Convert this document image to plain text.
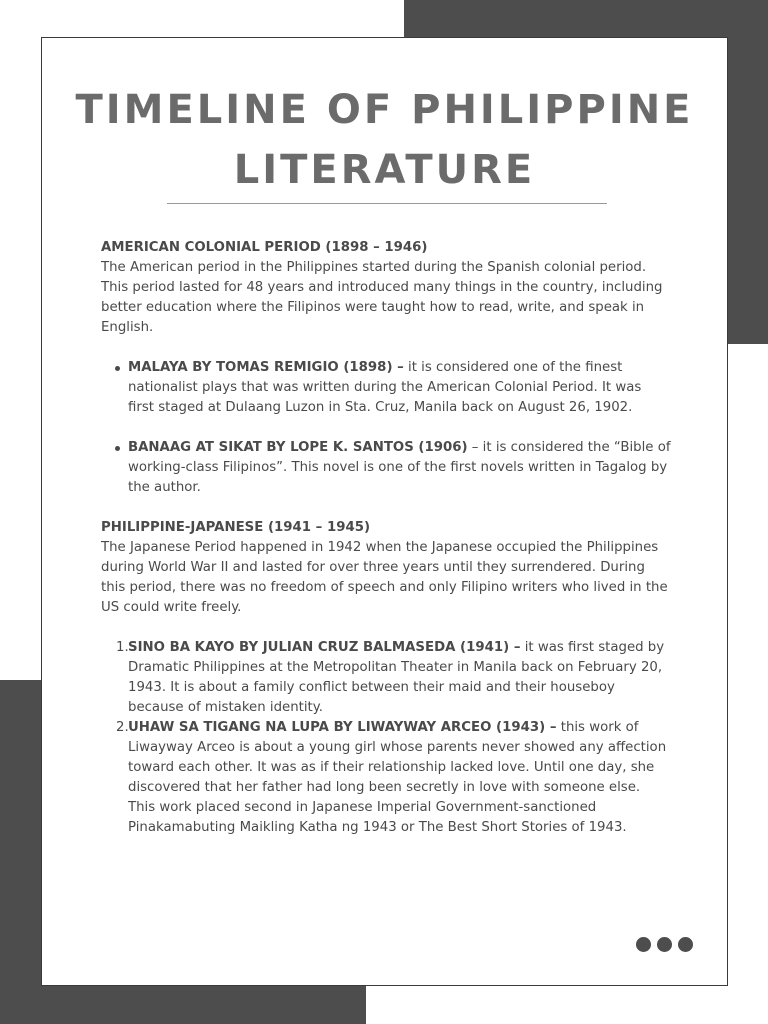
TIMELINE OF PHILIPPINE
LITERATURE

AMERICAN COLONIAL PERIOD (1898 – 1946)

The American period in the Philippines started during the Spanish colonial period. This period lasted for 48 years and introduced many things in the country, including better education where the Filipinos were taught how to read, write, and speak in English.

MALAYA BY TOMAS REMIGIO (1898) – it is considered one of the finest nationalist plays that was written during the American Colonial Period. It was first staged at Dulaang Luzon in Sta. Cruz, Manila back on August 26, 1902.
BANAAG AT SIKAT BY LOPE K. SANTOS (1906) – it is considered the “Bible of working-class Filipinos”. This novel is one of the first novels written in Tagalog by the author.

PHILIPPINE-JAPANESE (1941 – 1945)

The Japanese Period happened in 1942 when the Japanese occupied the Philippines during World War II and lasted for over three years until they surrendered. During this period, there was no freedom of speech and only Filipino writers who lived in the US could write freely.

1. SINO BA KAYO BY JULIAN CRUZ BALMASEDA (1941) – it was first staged by Dramatic Philippines at the Metropolitan Theater in Manila back on February 20, 1943. It is about a family conflict between their maid and their houseboy because of mistaken identity.
2. UHAW SA TIGANG NA LUPA BY LIWAYWAY ARCEO (1943) – this work of Liwayway Arceo is about a young girl whose parents never showed any affection toward each other. It was as if their relationship lacked love. Until one day, she discovered that her father had long been secretly in love with someone else. This work placed second in Japanese Imperial Government-sanctioned Pinakamabuting Maikling Katha ng 1943 or The Best Short Stories of 1943.
